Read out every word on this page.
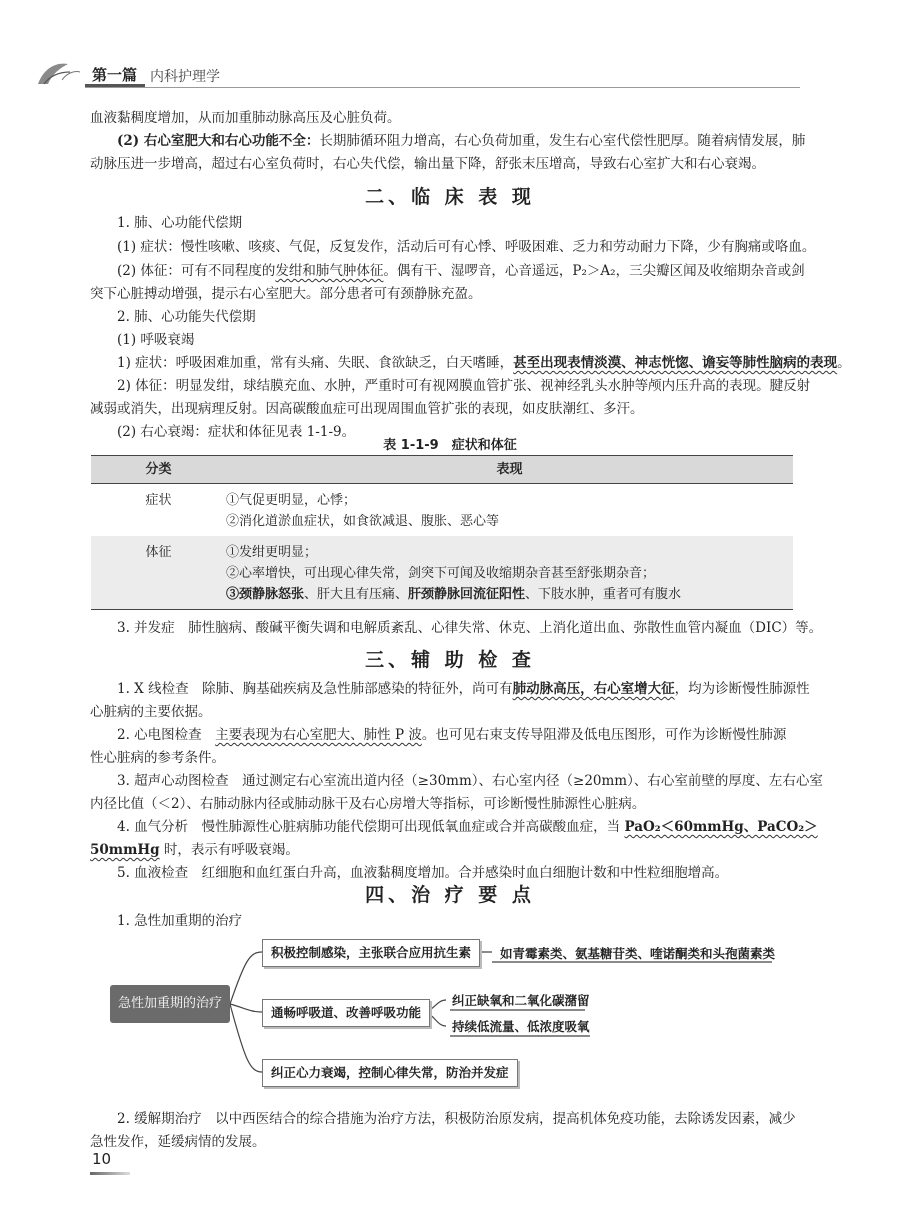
第一篇 内科护理学
血液黏稠度增加，从而加重肺动脉高压及心脏负荷。
(2) 右心室肥大和右心功能不全：长期肺循环阻力增高，右心负荷加重，发生右心室代偿性肥厚。随着病情发展，肺
动脉压进一步增高，超过右心室负荷时，右心失代偿，输出量下降，舒张末压增高，导致右心室扩大和右心衰竭。
二、临 床 表 现
1. 肺、心功能代偿期
(1) 症状：慢性咳嗽、咳痰、气促，反复发作，活动后可有心悸、呼吸困难、乏力和劳动耐力下降，少有胸痛或咯血。
(2) 体征：可有不同程度的发绀和肺气肿体征。偶有干、湿啰音，心音遥远，P₂＞A₂，三尖瓣区闻及收缩期杂音或剑
突下心脏搏动增强，提示右心室肥大。部分患者可有颈静脉充盈。
2. 肺、心功能失代偿期
(1) 呼吸衰竭
1) 症状：呼吸困难加重，常有头痛、失眠、食欲缺乏，白天嗜睡，甚至出现表情淡漠、神志恍惚、谵妄等肺性脑病的表现。
2) 体征：明显发绀，球结膜充血、水肿，严重时可有视网膜血管扩张、视神经乳头水肿等颅内压升高的表现。腱反射
减弱或消失，出现病理反射。因高碳酸血症可出现周围血管扩张的表现，如皮肤潮红、多汗。
(2) 右心衰竭：症状和体征见表 1-1-9。
表 1-1-9　症状和体征
分类	表现
症状	①气促更明显，心悸；
②消化道淤血症状，如食欲减退、腹胀、恶心等
体征	①发绀更明显；
②心率增快，可出现心律失常，剑突下可闻及收缩期杂音甚至舒张期杂音；
③颈静脉怒张、肝大且有压痛、肝颈静脉回流征阳性、下肢水肿，重者可有腹水
3. 并发症　肺性脑病、酸碱平衡失调和电解质紊乱、心律失常、休克、上消化道出血、弥散性血管内凝血（DIC）等。
三、辅 助 检 查
1. X 线检查　除肺、胸基础疾病及急性肺部感染的特征外，尚可有肺动脉高压，右心室增大征，均为诊断慢性肺源性
心脏病的主要依据。
2. 心电图检查　主要表现为右心室肥大、肺性 P 波。也可见右束支传导阻滞及低电压图形，可作为诊断慢性肺源
性心脏病的参考条件。
3. 超声心动图检查　通过测定右心室流出道内径（≥30mm）、右心室内径（≥20mm）、右心室前壁的厚度、左右心室
内径比值（＜2）、右肺动脉内径或肺动脉干及右心房增大等指标，可诊断慢性肺源性心脏病。
4. 血气分析　慢性肺源性心脏病肺功能代偿期可出现低氧血症或合并高碳酸血症，当 PaO₂＜60mmHg、PaCO₂＞
50mmHg 时，表示有呼吸衰竭。
5. 血液检查　红细胞和血红蛋白升高，血液黏稠度增加。合并感染时血白细胞计数和中性粒细胞增高。
四、治 疗 要 点
1. 急性加重期的治疗
急性加重期的治疗
积极控制感染，主张联合应用抗生素	如青霉素类、氨基糖苷类、喹诺酮类和头孢菌素类
通畅呼吸道、改善呼吸功能
纠正缺氧和二氧化碳潴留
持续低流量、低浓度吸氧
纠正心力衰竭，控制心律失常，防治并发症
2. 缓解期治疗　以中西医结合的综合措施为治疗方法，积极防治原发病，提高机体免疫功能，去除诱发因素，减少
急性发作，延缓病情的发展。
10
